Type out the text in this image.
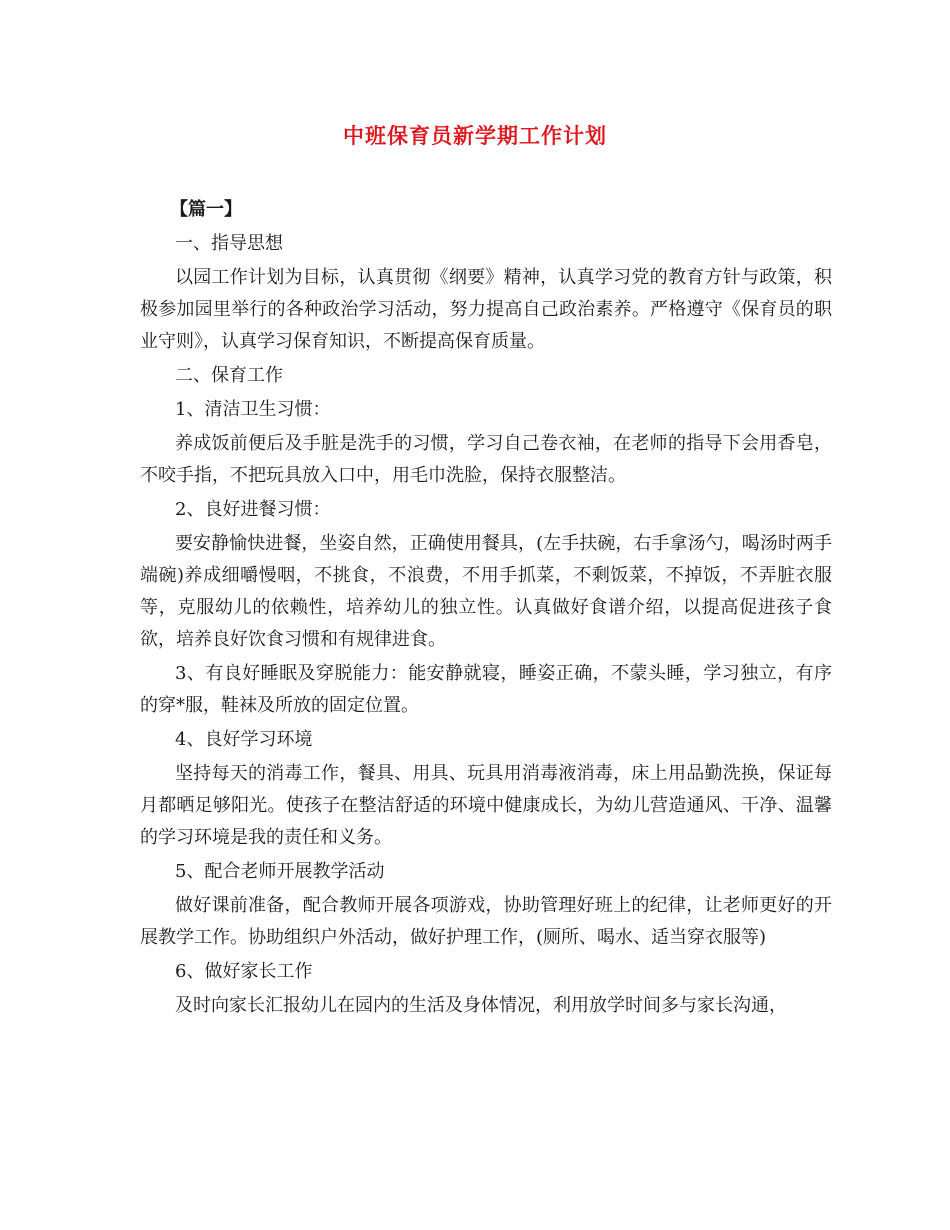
中班保育员新学期工作计划

【篇一】

一、指导思想

以园工作计划为目标，认真贯彻《纲要》精神，认真学习党的教育方针与政策，积极参加园里举行的各种政治学习活动，努力提高自己政治素养。严格遵守《保育员的职业守则》，认真学习保育知识，不断提高保育质量。

二、保育工作

1、清洁卫生习惯：

养成饭前便后及手脏是洗手的习惯，学习自己卷衣袖，在老师的指导下会用香皂，不咬手指，不把玩具放入口中，用毛巾洗脸，保持衣服整洁。

2、良好进餐习惯：

要安静愉快进餐，坐姿自然，正确使用餐具，(左手扶碗，右手拿汤勺，喝汤时两手端碗)养成细嚼慢咽，不挑食，不浪费，不用手抓菜，不剩饭菜，不掉饭，不弄脏衣服等，克服幼儿的依赖性，培养幼儿的独立性。认真做好食谱介绍，以提高促进孩子食欲，培养良好饮食习惯和有规律进食。

3、有良好睡眠及穿脱能力：能安静就寝，睡姿正确，不蒙头睡，学习独立，有序的穿*服，鞋袜及所放的固定位置。

4、良好学习环境

坚持每天的消毒工作，餐具、用具、玩具用消毒液消毒，床上用品勤洗换，保证每月都晒足够阳光。使孩子在整洁舒适的环境中健康成长，为幼儿营造通风、干净、温馨的学习环境是我的责任和义务。

5、配合老师开展教学活动

做好课前准备，配合教师开展各项游戏，协助管理好班上的纪律，让老师更好的开展教学工作。协助组织户外活动，做好护理工作，(厕所、喝水、适当穿衣服等)

6、做好家长工作

及时向家长汇报幼儿在园内的生活及身体情况，利用放学时间多与家长沟通，
